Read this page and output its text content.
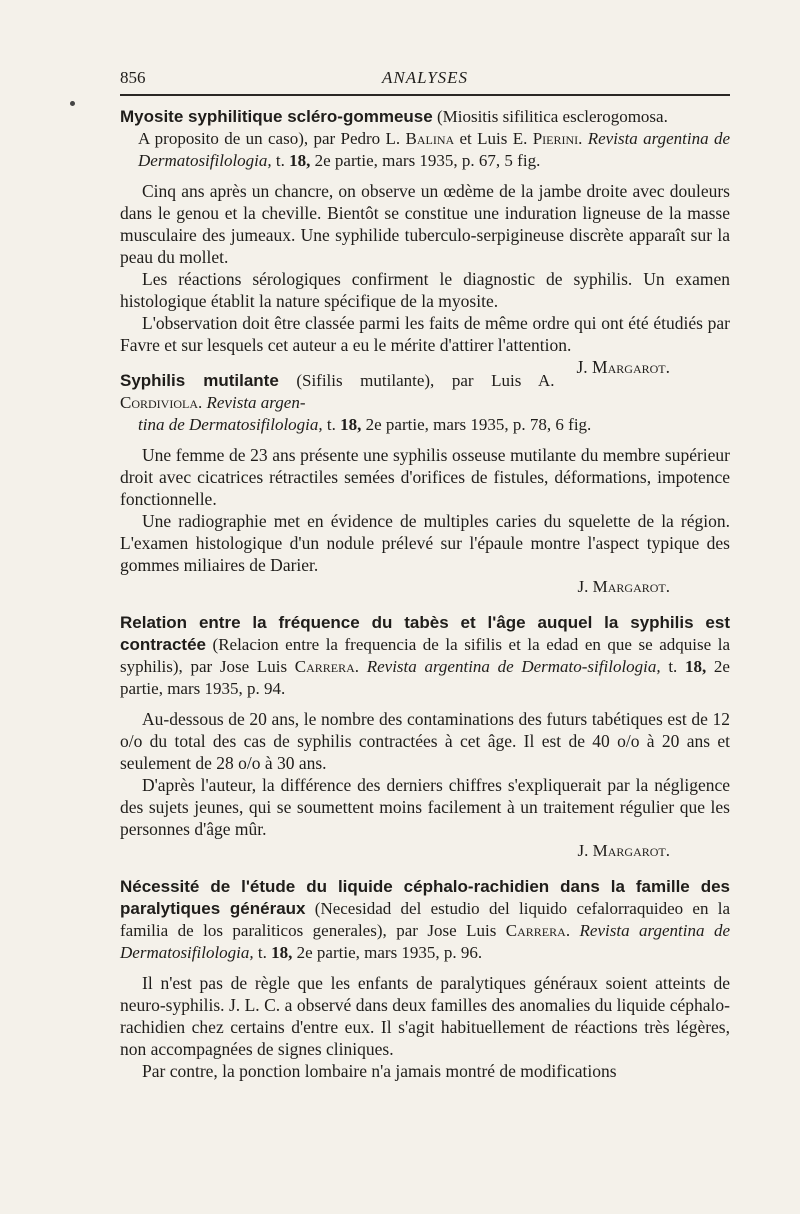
856	ANALYSES

Myosite syphilitique scléro-gommeuse (Miositis sifilitica esclerogomosa.
A proposito de un caso), par Pedro L. Balina et Luis E. Pierini. Revista argentina de Dermatosifilologia, t. 18, 2e partie, mars 1935, p. 67, 5 fig.

Cinq ans après un chancre, on observe un œdème de la jambe droite avec douleurs dans le genou et la cheville. Bientôt se constitue une induration ligneuse de la masse musculaire des jumeaux. Une syphilide tuberculo-serpigineuse discrète apparaît sur la peau du mollet.

Les réactions sérologiques confirment le diagnostic de syphilis. Un examen histologique établit la nature spécifique de la myosite.

L'observation doit être classée parmi les faits de même ordre qui ont été étudiés par Favre et sur lesquels cet auteur a eu le mérite d'attirer l'attention.
J. Margarot.

Syphilis mutilante (Sifilis mutilante), par Luis A. Cordiviola. Revista argen-
tina de Dermatosifilologia, t. 18, 2e partie, mars 1935, p. 78, 6 fig.

Une femme de 23 ans présente une syphilis osseuse mutilante du membre supérieur droit avec cicatrices rétractiles semées d'orifices de fistules, déformations, impotence fonctionnelle.

Une radiographie met en évidence de multiples caries du squelette de la région. L'examen histologique d'un nodule prélevé sur l'épaule montre l'aspect typique des gommes miliaires de Darier.

J. Margarot.

Relation entre la fréquence du tabès et l'âge auquel la syphilis est contractée (Relacion entre la frequencia de la sifilis et la edad en que se adquise la syphilis), par Jose Luis Carrera. Revista argentina de Dermato-sifilologia, t. 18, 2e partie, mars 1935, p. 94.

Au-dessous de 20 ans, le nombre des contaminations des futurs tabétiques est de 12 o/o du total des cas de syphilis contractées à cet âge. Il est de 40 o/o à 20 ans et seulement de 28 o/o à 30 ans.

D'après l'auteur, la différence des derniers chiffres s'expliquerait par la négligence des sujets jeunes, qui se soumettent moins facilement à un traitement régulier que les personnes d'âge mûr.

J. Margarot.

Nécessité de l'étude du liquide céphalo-rachidien dans la famille des paralytiques généraux (Necesidad del estudio del liquido cefalorraquideo en la familia de los paraliticos generales), par Jose Luis Carrera. Revista argentina de Dermatosifilologia, t. 18, 2e partie, mars 1935, p. 96.

Il n'est pas de règle que les enfants de paralytiques généraux soient atteints de neuro-syphilis. J. L. C. a observé dans deux familles des anomalies du liquide céphalo-rachidien chez certains d'entre eux. Il s'agit habituellement de réactions très légères, non accompagnées de signes cliniques.

Par contre, la ponction lombaire n'a jamais montré de modifications
